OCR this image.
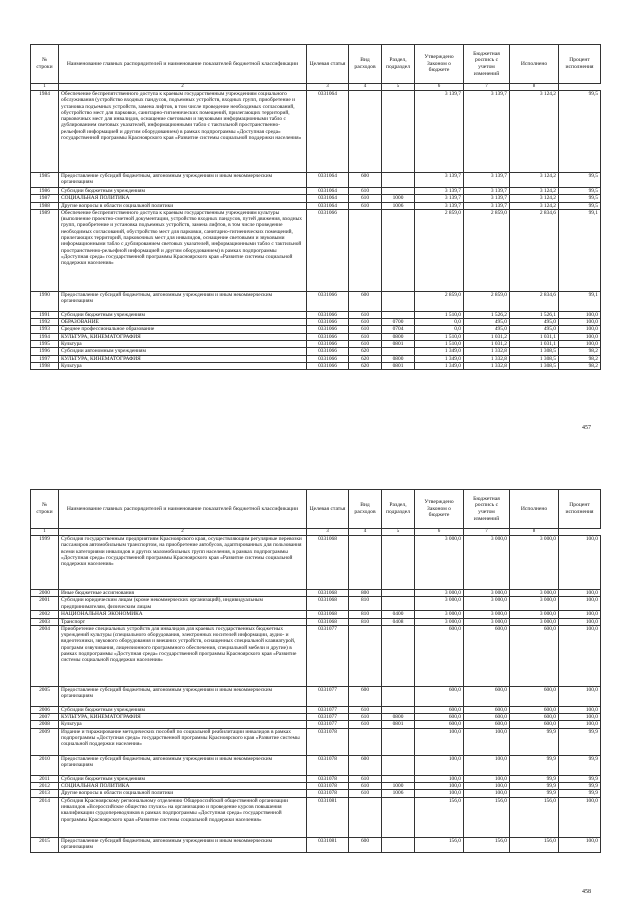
№ строки	Наименование главных распорядителей и наименование показателей бюджетной классификации	Целевая статья	Вид расходов	Раздел, подраздел	Утверждено Законом о бюджете	Бюджетная роспись с учетом изменений	Исполнено	Процент исполнения
1	2	3	4	5	6	7	8
1984	Обеспечение беспрепятственного доступа к краевым государственным учреждениям социального обслуживания (устройство входных пандусов, подъемных устройств, входных групп, приобретение и установка подъемных устройств, замена лифтов, в том числе проведение необходимых согласований, обустройство мест для парковки, санитарно-гигиенических помещений, прилегающих территорий, парковочных мест для инвалидов, оснащение световыми и звуковыми информационными табло с дублированием световых указателей, информационными табло с тактильной пространственно-рельефной информацией и другим оборудованием) в рамках подпрограммы «Доступная среда» государственной программы Красноярского края «Развитие системы социальной поддержки населения»	0331064			3 139,7	3 139,7	3 124,2	99,5
1985	Предоставление субсидий бюджетным, автономным учреждениям и иным некоммерческим организациям	0331064	600		3 139,7	3 139,7	3 124,2	99,5
1986	Субсидии бюджетным учреждениям	0331064	610		3 139,7	3 139,7	3 124,2	99,5
1987	СОЦИАЛЬНАЯ ПОЛИТИКА	0331064	610	1000	3 139,7	3 139,7	3 124,2	99,5
1988	Другие вопросы в области социальной политики	0331064	610	1006	3 139,7	3 139,7	3 124,2	99,5
1989	Обеспечение беспрепятственного доступа к краевым государственным учреждениям культуры (выполнение проектно-сметной документации, устройство входных пандусов, путей движения, входных групп, приобретение и установка подъемных устройств, замена лифтов, в том числе проведение необходимых согласований, обустройство мест для парковки, санитарно-гигиенических помещений, прилегающих территорий, парковочных мест для инвалидов, оснащение световыми и звуковыми информационными табло с дублированием световых указателей, информационными табло с тактильной пространственно-рельефной информацией и другим оборудованием) в рамках подпрограммы «Доступная среда» государственной программы Красноярского края «Развитие системы социальной поддержки населения»	0331066			2 859,0	2 859,0	2 834,6	99,1
1990	Предоставление субсидий бюджетным, автономным учреждениям и иным некоммерческим организациям	0331066	600		2 859,0	2 859,0	2 834,6	99,1
1991	Субсидии бюджетным учреждениям	0331066	610		1 510,0	1 526,2	1 526,1	100,0
1992	ОБРАЗОВАНИЕ	0331066	610	0700	0,0	495,0	495,0	100,0
1993	Среднее профессиональное образование	0331066	610	0704	0,0	495,0	495,0	100,0
1994	КУЛЬТУРА, КИНЕМАТОГРАФИЯ	0331066	610	0800	1 510,0	1 031,2	1 031,1	100,0
1995	Культура	0331066	610	0801	1 510,0	1 031,2	1 031,1	100,0
1996	Субсидии автономным учреждениям	0331066	620		1 349,0	1 332,8	1 308,5	98,2
1997	КУЛЬТУРА, КИНЕМАТОГРАФИЯ	0331066	620	0800	1 349,0	1 332,8	1 308,5	98,2
1998	Культура	0331066	620	0801	1 349,0	1 332,8	1 308,5	98,2
457
№ строки	Наименование главных распорядителей и наименование показателей бюджетной классификации	Целевая статья	Вид расходов	Раздел, подраздел	Утверждено Законом о бюджете	Бюджетная роспись с учетом изменений	Исполнено	Процент исполнения
1	2	3	4	5	6	7	8
1999	Субсидия государственным предприятиям Красноярского края, осуществляющим регулярные перевозки пассажиров автомобильным транспортом, на приобретение автобусов, адаптированных для пользования всеми категориями инвалидов и других маломобильных групп населения, в рамках подпрограммы «Доступная среда» государственной программы Красноярского края «Развитие системы социальной поддержки населения»	0331068			3 000,0	3 000,0	3 000,0	100,0
2000	Иные бюджетные ассигнования	0331068	800		3 000,0	3 000,0	3 000,0	100,0
2001	Субсидии юридическим лицам (кроме некоммерческих организаций), индивидуальным предпринимателям, физическим лицам	0331068	810		3 000,0	3 000,0	3 000,0	100,0
2002	НАЦИОНАЛЬНАЯ ЭКОНОМИКА	0331068	810	0400	3 000,0	3 000,0	3 000,0	100,0
2003	Транспорт	0331068	810	0408	3 000,0	3 000,0	3 000,0	100,0
2004	Приобретение специальных устройств для инвалидов для краевых государственных бюджетных учреждений культуры (специального оборудования, электронных носителей информации, аудио- и видеотехники, звукового оборудования и внешних устройств, оснащенных специальной клавиатурой, программ озвучивания, лицензионного программного обеспечения, специальной мебели и другие) в рамках подпрограммы «Доступная среда» государственной программы Красноярского края «Развитие системы социальной поддержки населения»	0331077			600,0	600,0	600,0	100,0
2005	Предоставление субсидий бюджетным, автономным учреждениям и иным некоммерческим организациям	0331077	600		600,0	600,0	600,0	100,0
2006	Субсидии бюджетным учреждениям	0331077	610		600,0	600,0	600,0	100,0
2007	КУЛЬТУРА, КИНЕМАТОГРАФИЯ	0331077	610	0800	600,0	600,0	600,0	100,0
2008	Культура	0331077	610	0801	600,0	600,0	600,0	100,0
2009	Издание и тиражирование методических пособий по социальной реабилитации инвалидов в рамках подпрограммы «Доступная среда» государственной программы Красноярского края «Развитие системы социальной поддержки населения»	0331078			100,0	100,0	99,9	99,9
2010	Предоставление субсидий бюджетным, автономным учреждениям и иным некоммерческим организациям	0331078	600		100,0	100,0	99,9	99,9
2011	Субсидии бюджетным учреждениям	0331078	610		100,0	100,0	99,9	99,9
2012	СОЦИАЛЬНАЯ ПОЛИТИКА	0331078	610	1000	100,0	100,0	99,9	99,9
2013	Другие вопросы в области социальной политики	0331078	610	1006	100,0	100,0	99,9	99,9
2014	Субсидия Красноярскому региональному отделению Общероссийской общественной организации инвалидов «Всероссийское общество глухих» на организацию и проведение курсов повышения квалификации сурдопереводчиков в рамках подпрограммы «Доступная среда» государственной программы Красноярского края «Развитие системы социальной поддержки населения»	0331081			156,0	156,0	156,0	100,0
2015	Предоставление субсидий бюджетным, автономным учреждениям и иным некоммерческим организациям	0331081	600		156,0	156,0	156,0	100,0
458
